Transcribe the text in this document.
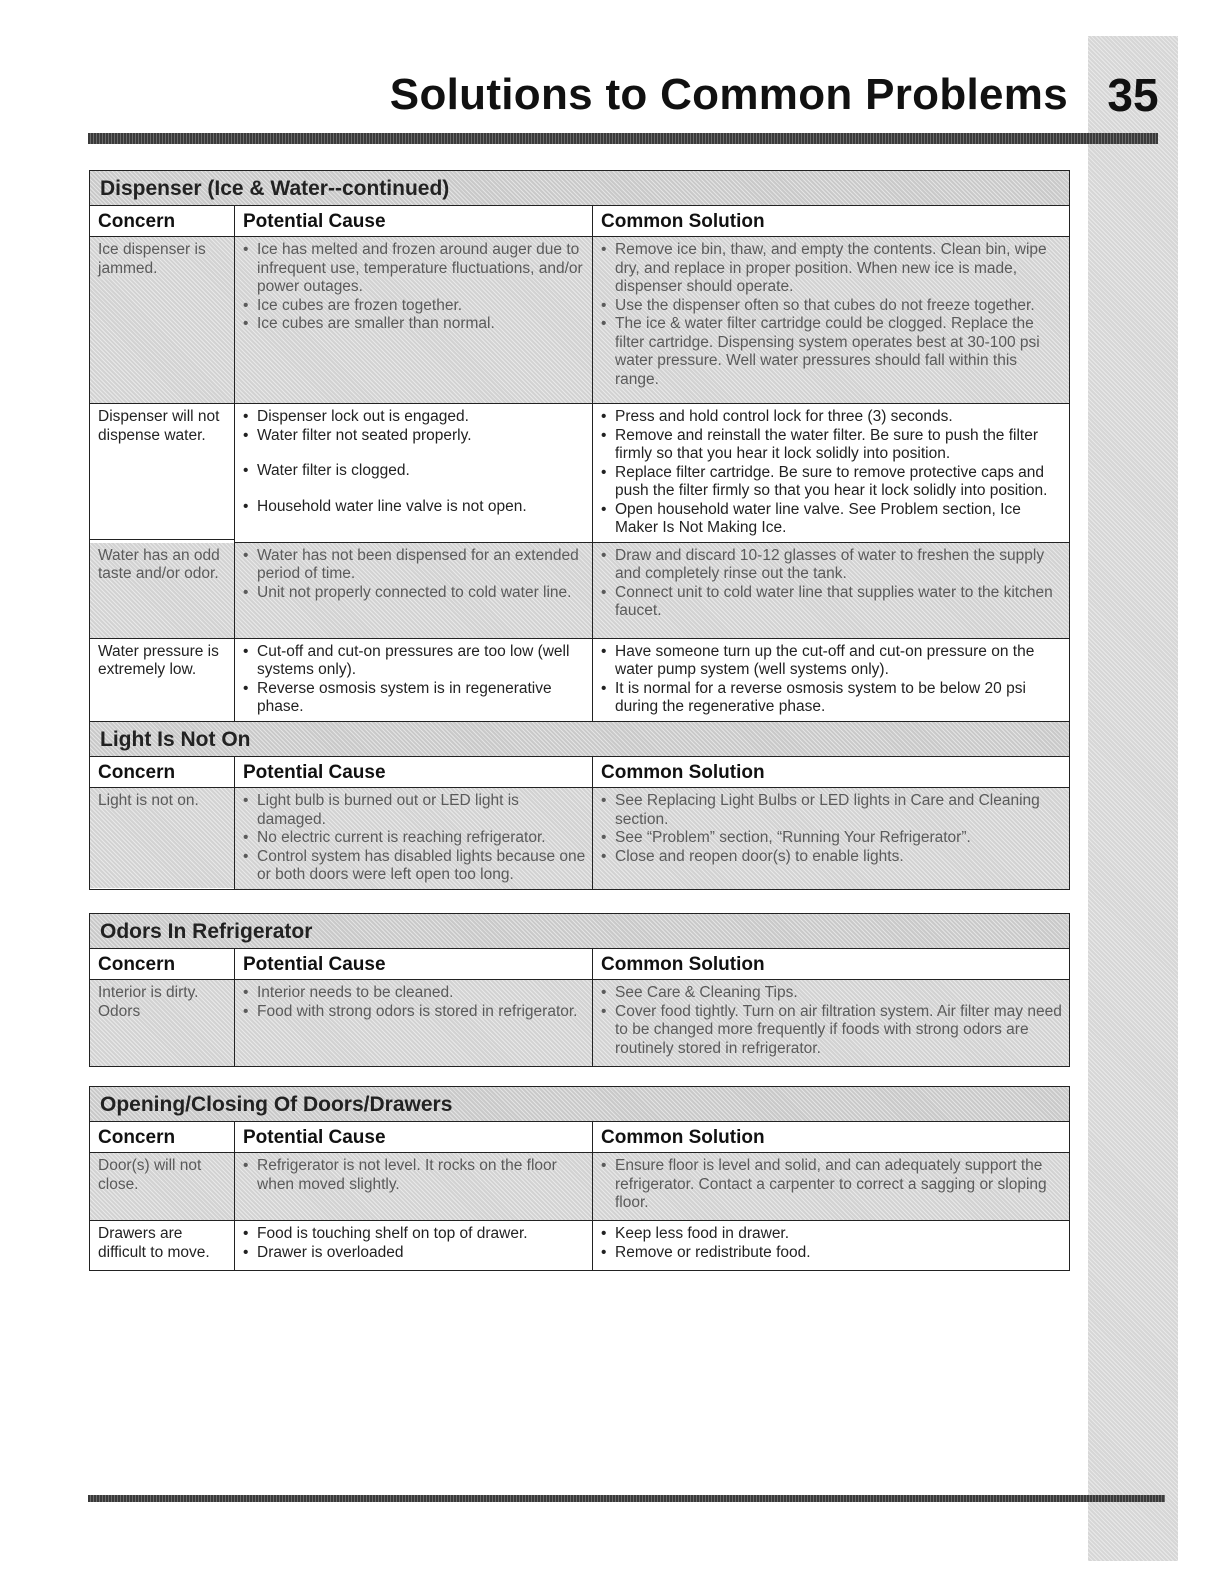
35
Solutions to Common Problems
Dispenser (Ice & Water--continued)
Concern	Potential Cause	Common Solution
Ice dispenser is jammed.
• Ice has melted and frozen around auger due to infrequent use, temperature fluctuations, and/or power outages.
• Ice cubes are frozen together.
• Ice cubes are smaller than normal.
• Remove ice bin, thaw, and empty the contents. Clean bin, wipe dry, and replace in proper position. When new ice is made, dispenser should operate.
• Use the dispenser often so that cubes do not freeze together.
• The ice & water filter cartridge could be clogged. Replace the filter cartridge. Dispensing system operates best at 30-100 psi water pressure. Well water pressures should fall within this range.
Dispenser will not dispense water.
• Dispenser lock out is engaged.
• Water filter not seated properly.
• Water filter is clogged.
• Household water line valve is not open.
• Press and hold control lock for three (3) seconds.
• Remove and reinstall the water filter. Be sure to push the filter firmly so that you hear it lock solidly into position.
• Replace filter cartridge. Be sure to remove protective caps and push the filter firmly so that you hear it lock solidly into position.
• Open household water line valve. See Problem section, Ice Maker Is Not Making Ice.
Water has an odd taste and/or odor.
• Water has not been dispensed for an extended period of time.
• Unit not properly connected to cold water line.
• Draw and discard 10-12 glasses of water to freshen the supply and completely rinse out the tank.
• Connect unit to cold water line that supplies water to the kitchen faucet.
Water pressure is extremely low.
• Cut-off and cut-on pressures are too low (well systems only).
• Reverse osmosis system is in regenerative phase.
• Have someone turn up the cut-off and cut-on pressure on the water pump system (well systems only).
• It is normal for a reverse osmosis system to be below 20 psi during the regenerative phase.
Light Is Not On
Concern	Potential Cause	Common Solution
Light is not on.
•	Light bulb is burned out or LED light is damaged.
• No electric current is reaching refrigerator.
• Control system has disabled lights because one or both doors were left open too long.
• See Replacing Light Bulbs or LED lights in Care and Cleaning section.
• See “Problem” section, “Running Your Refrigerator”.
• Close and reopen door(s) to enable lights.
Odors In Refrigerator
Concern	Potential Cause	Common Solution
Interior is dirty. Odors
• Interior needs to be cleaned.
• Food with strong odors is stored in refrigerator.
• See Care & Cleaning Tips.
• Cover food tightly. Turn on air filtration system. Air filter may need to be changed more frequently if foods with strong odors are routinely stored in refrigerator.
Opening/Closing Of Doors/Drawers
Concern	Potential Cause	Common Solution
Door(s) will not close.
• Refrigerator is not level. It rocks on the floor when moved slightly.
• Ensure floor is level and solid, and can adequately support the refrigerator. Contact a carpenter to correct a sagging or sloping floor.
Drawers are difficult to move.
• Food is touching shelf on top of drawer.
• Drawer is overloaded
• Keep less food in drawer.
• Remove or redistribute food.
